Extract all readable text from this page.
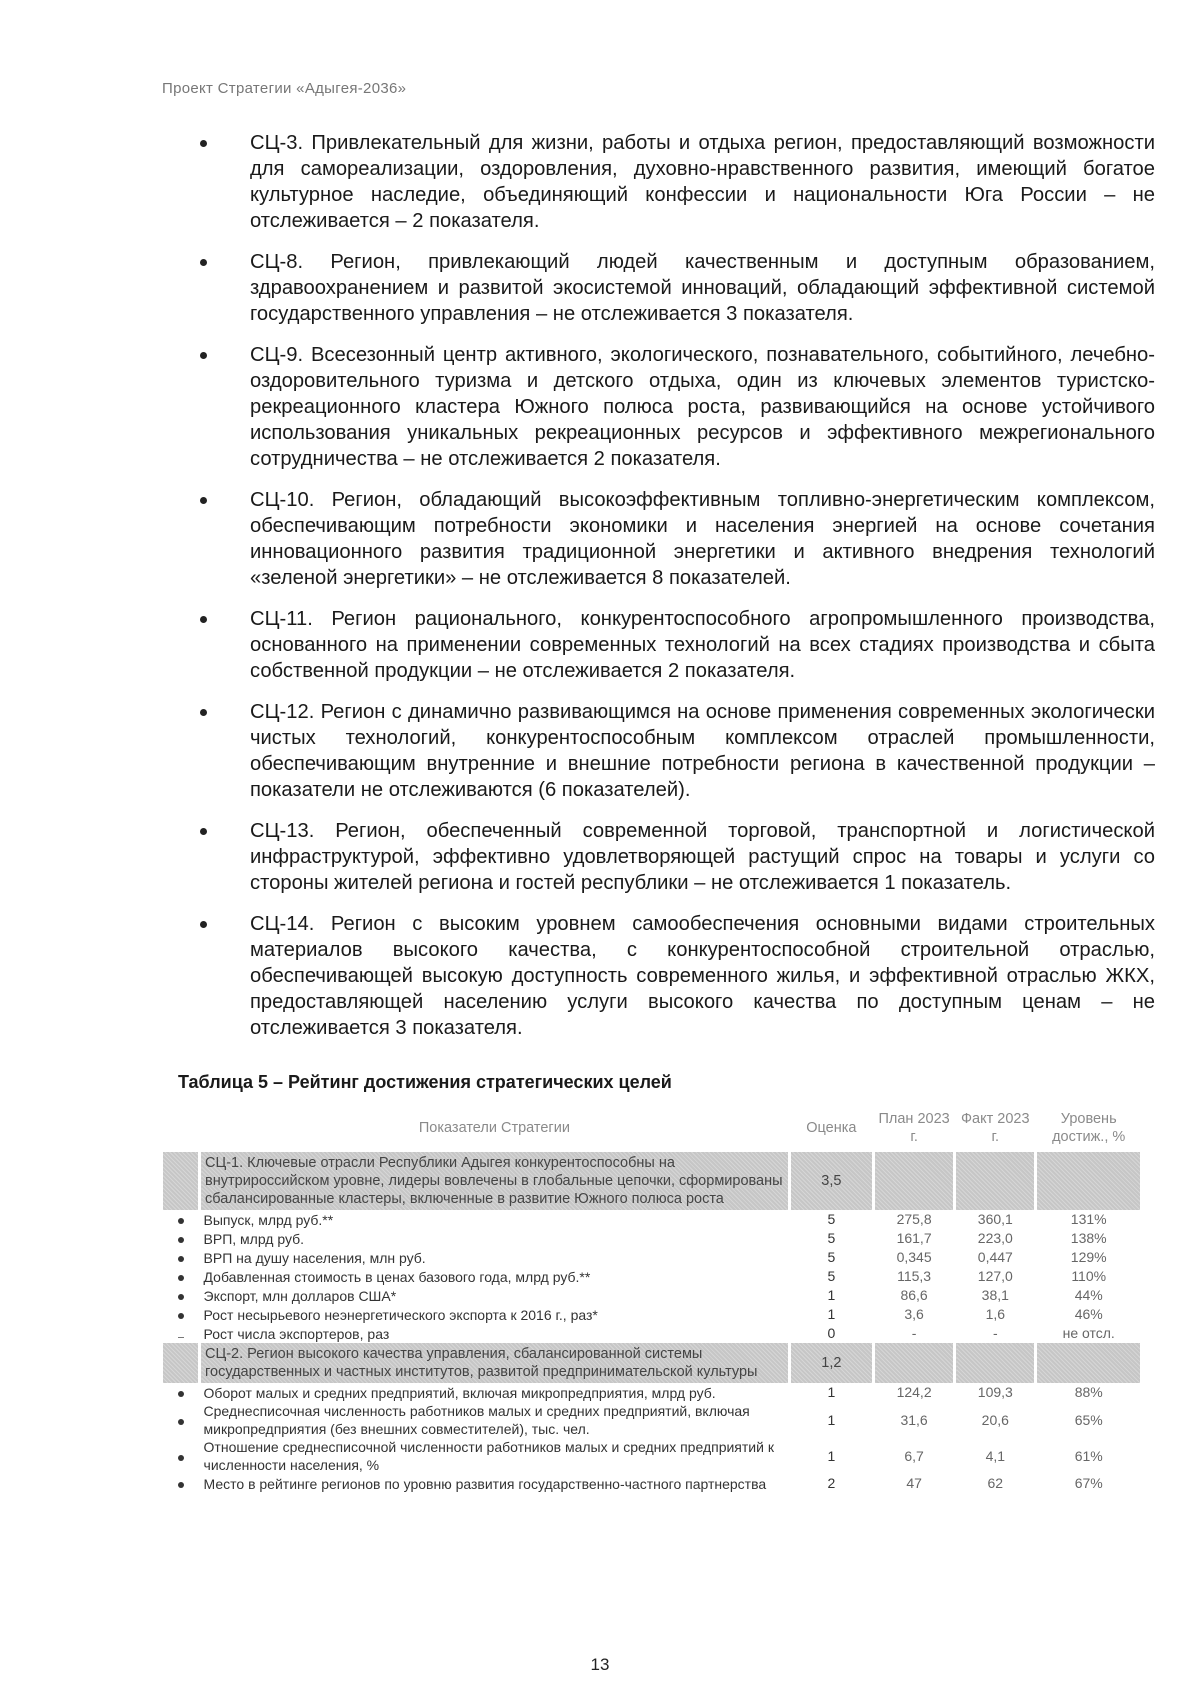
Проект Стратегии «Адыгея-2036»
СЦ-3. Привлекательный для жизни, работы и отдыха регион, предоставляющий возможности для самореализации, оздоровления, духовно-нравственного развития, имеющий богатое культурное наследие, объединяющий конфессии и национальности Юга России – не отслеживается – 2 показателя.
СЦ-8. Регион, привлекающий людей качественным и доступным образованием, здравоохранением и развитой экосистемой инноваций, обладающий эффективной системой государственного управления – не отслеживается 3 показателя.
СЦ-9. Всесезонный центр активного, экологического, познавательного, событийного, лечебно-оздоровительного туризма и детского отдыха, один из ключевых элементов туристско-рекреационного кластера Южного полюса роста, развивающийся на основе устойчивого использования уникальных рекреационных ресурсов и эффективного межрегионального сотрудничества – не отслеживается 2 показателя.
СЦ-10. Регион, обладающий высокоэффективным топливно-энергетическим комплексом, обеспечивающим потребности экономики и населения энергией на основе сочетания инновационного развития традиционной энергетики и активного внедрения технологий «зеленой энергетики» – не отслеживается 8 показателей.
СЦ-11. Регион рационального, конкурентоспособного агропромышленного производства, основанного на применении современных технологий на всех стадиях производства и сбыта собственной продукции – не отслеживается 2 показателя.
СЦ-12. Регион с динамично развивающимся на основе применения современных экологически чистых технологий, конкурентоспособным комплексом отраслей промышленности, обеспечивающим внутренние и внешние потребности региона в качественной продукции – показатели не отслеживаются (6 показателей).
СЦ-13. Регион, обеспеченный современной торговой, транспортной и логистической инфраструктурой, эффективно удовлетворяющей растущий спрос на товары и услуги со стороны жителей региона и гостей республики – не отслеживается 1 показатель.
СЦ-14. Регион с высоким уровнем самообеспечения основными видами строительных материалов высокого качества, с конкурентоспособной строительной отраслью, обеспечивающей высокую доступность современного жилья, и эффективной отраслью ЖКХ, предоставляющей населению услуги высокого качества по доступным ценам – не отслеживается 3 показателя.
Таблица 5 – Рейтинг достижения стратегических целей
	Показатели Стратегии	Оценка	План 2023 г.	Факт 2023 г.	Уровень достиж., %
	СЦ-1. Ключевые отрасли Республики Адыгея конкурентоспособны на внутрироссийском уровне, лидеры вовлечены в глобальные цепочки, сформированы сбалансированные кластеры, включенные в развитие Южного полюса роста	3,5			
	Выпуск, млрд руб.**	5	275,8	360,1	131%
	ВРП, млрд руб.	5	161,7	223,0	138%
	ВРП на душу населения, млн руб.	5	0,345	0,447	129%
	Добавленная стоимость в ценах базового года, млрд руб.**	5	115,3	127,0	110%
	Экспорт, млн долларов США*	1	86,6	38,1	44%
	Рост несырьевого неэнергетического экспорта к 2016 г., раз*	1	3,6	1,6	46%
	Рост числа экспортеров, раз	0	-	-	не отсл.
	СЦ-2. Регион высокого качества управления, сбалансированной системы государственных и частных институтов, развитой предпринимательской культуры	1,2			
	Оборот малых и средних предприятий, включая микропредприятия, млрд руб.	1	124,2	109,3	88%
	Среднесписочная численность работников малых и средних предприятий, включая микропредприятия (без внешних совместителей), тыс. чел.	1	31,6	20,6	65%
	Отношение среднесписочной численности работников малых и средних предприятий к численности населения, %	1	6,7	4,1	61%
	Место в рейтинге регионов по уровню развития государственно-частного партнерства	2	47	62	67%
13
